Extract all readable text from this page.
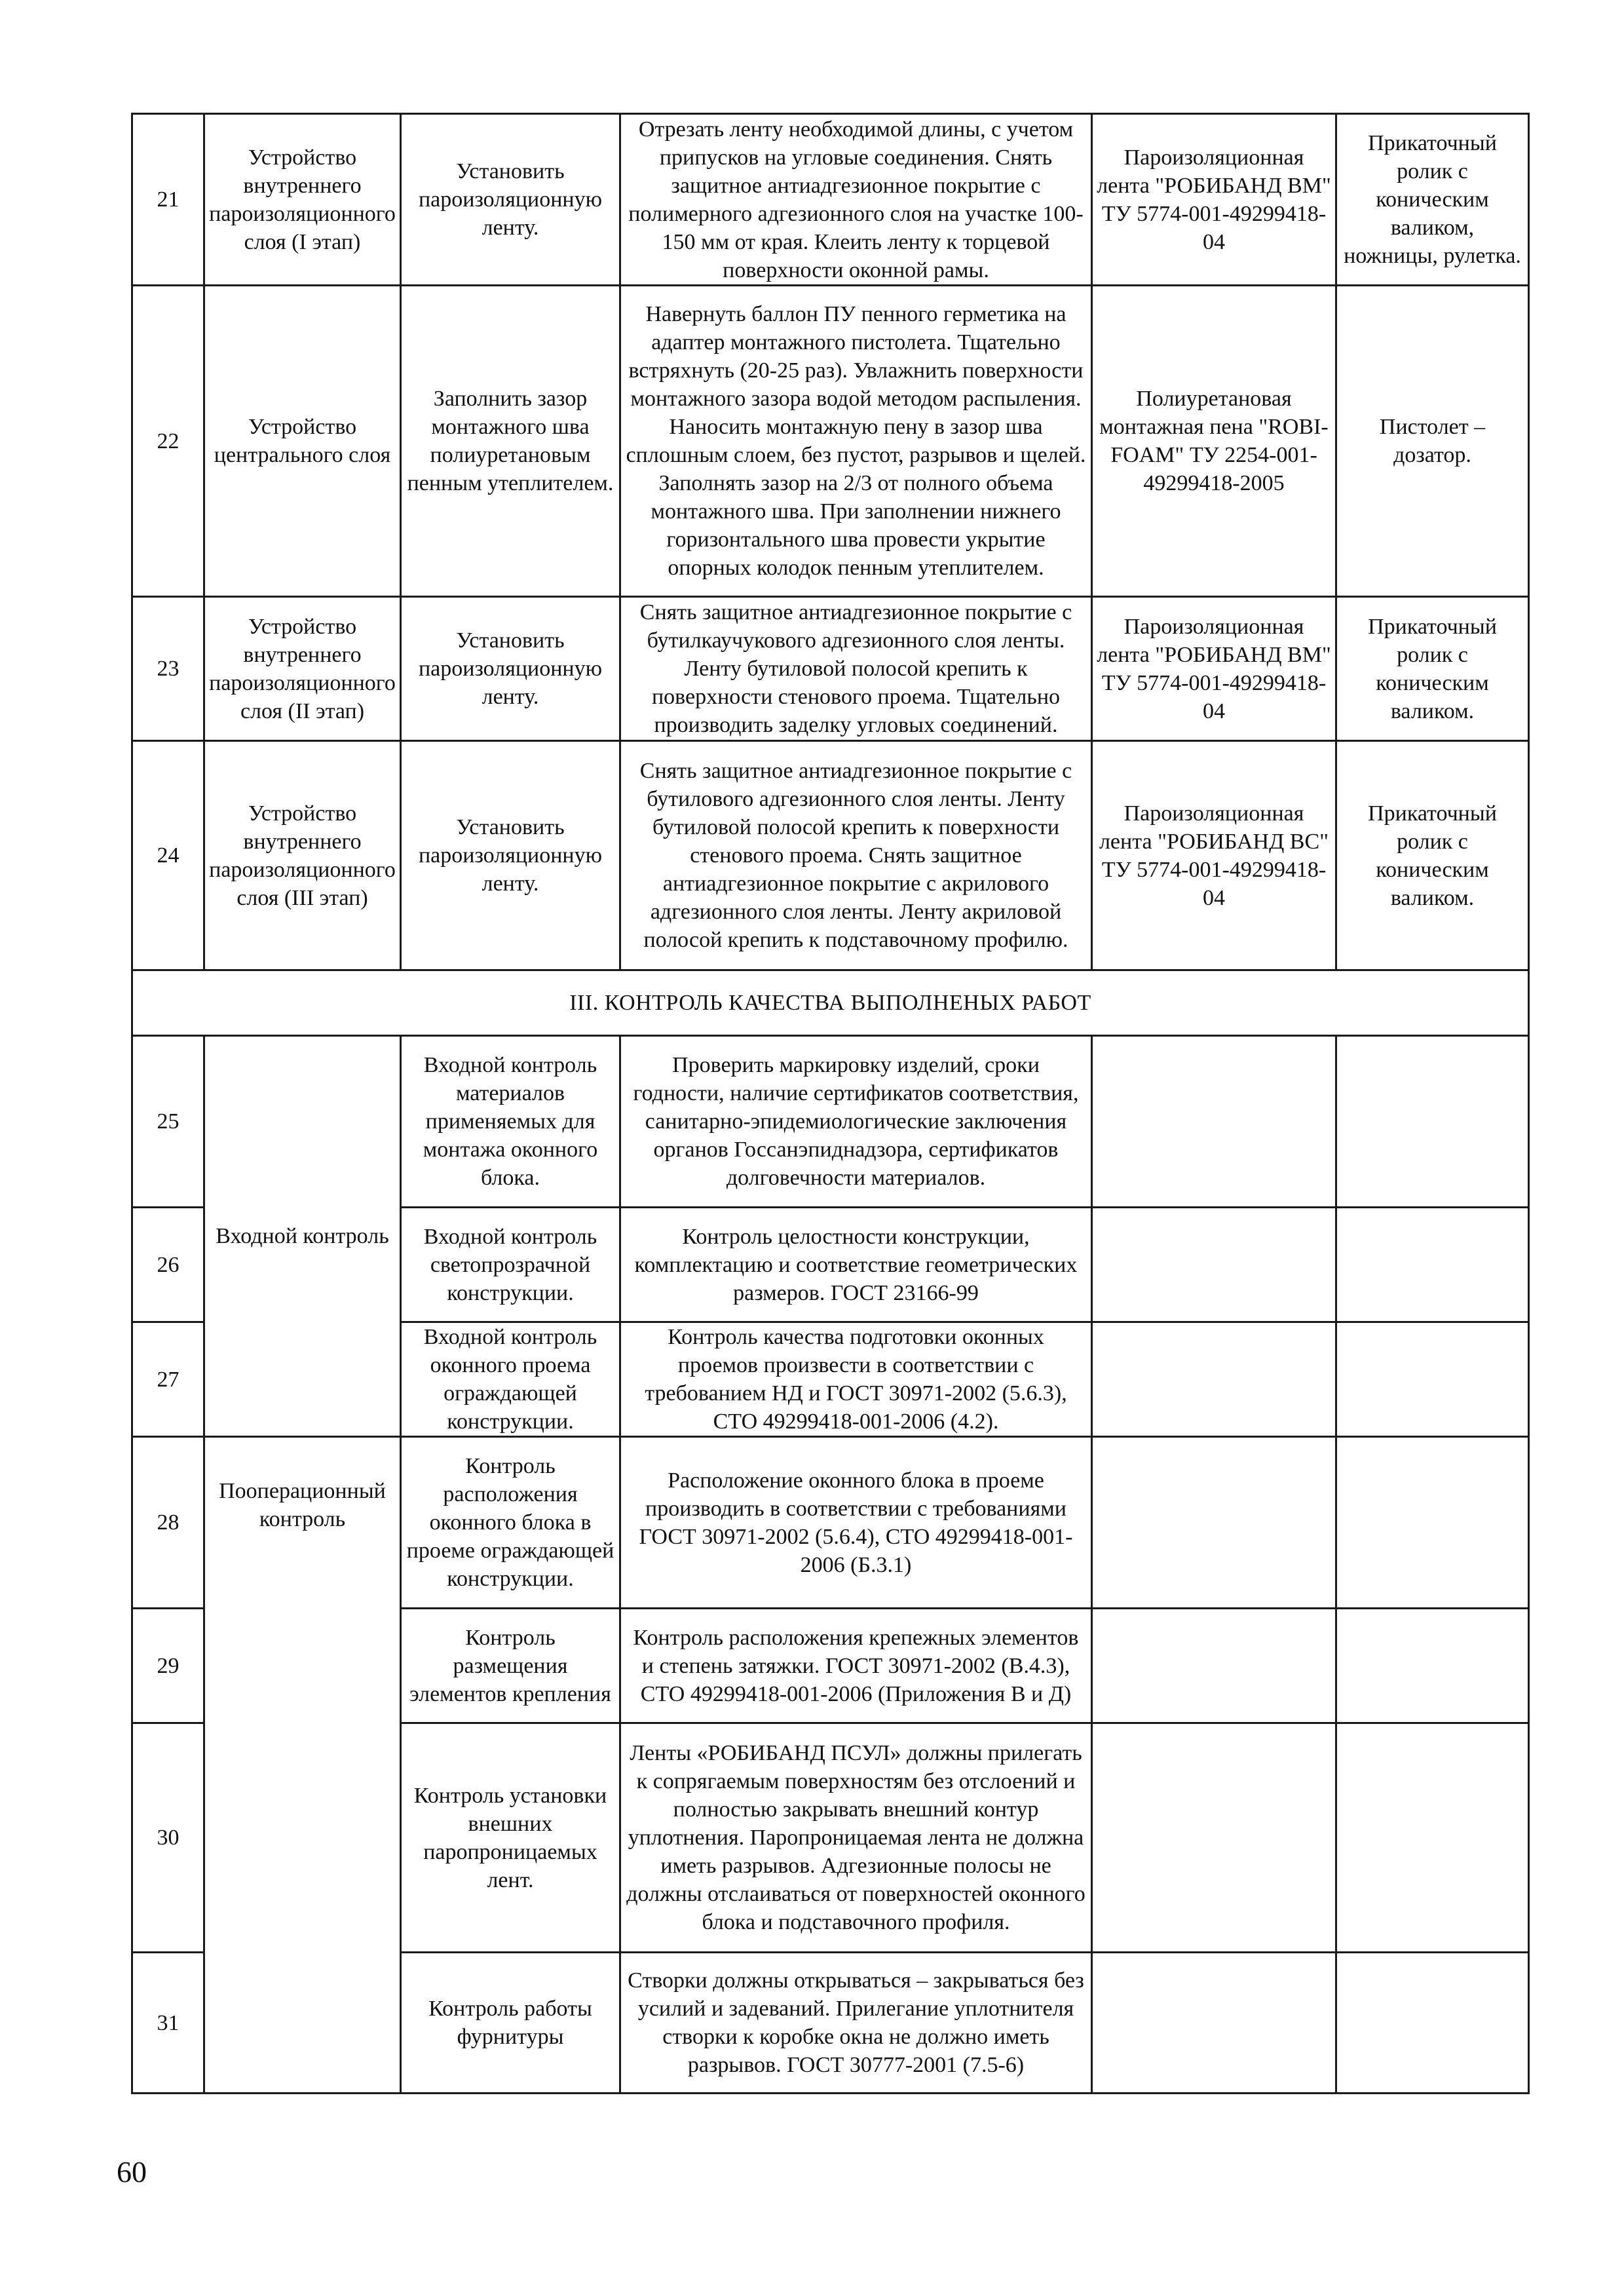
21	Устройство внутреннего пароизоляционного слоя (I этап)	Установить пароизоляционную ленту.	Отрезать ленту необходимой длины, с учетом припусков на угловые соединения. Снять защитное антиадгезионное покрытие с полимерного адгезионного слоя на участке 100-150 мм от края. Клеить ленту к торцевой поверхности оконной рамы.	Пароизоляционная лента "РОБИБАНД ВМ" ТУ 5774-001-49299418-04	Прикаточный ролик с коническим валиком, ножницы, рулетка.
22	Устройство центрального слоя	Заполнить зазор монтажного шва полиуретановым пенным утеплителем.	Навернуть баллон ПУ пенного герметика на адаптер монтажного пистолета. Тщательно встряхнуть (20-25 раз). Увлажнить поверхности монтажного зазора водой методом распыления. Наносить монтажную пену в зазор шва сплошным слоем, без пустот, разрывов и щелей. Заполнять зазор на 2/3 от полного объема монтажного шва. При заполнении нижнего горизонтального шва провести укрытие опорных колодок пенным утеплителем.	Полиуретановая монтажная пена "ROBI-FOAM" ТУ 2254-001-49299418-2005	Пистолет – дозатор.
23	Устройство внутреннего пароизоляционного слоя (II этап)	Установить пароизоляционную ленту.	Снять защитное антиадгезионное покрытие с бутилкаучукового адгезионного слоя ленты. Ленту бутиловой полосой крепить к поверхности стенового проема. Тщательно производить заделку угловых соединений.	Пароизоляционная лента "РОБИБАНД ВМ" ТУ 5774-001-49299418-04	Прикаточный ролик с коническим валиком.
24	Устройство внутреннего пароизоляционного слоя (III этап)	Установить пароизоляционную ленту.	Снять защитное антиадгезионное покрытие с бутилового адгезионного слоя ленты. Ленту бутиловой полосой крепить к поверхности стенового проема. Снять защитное антиадгезионное покрытие с акрилового адгезионного слоя ленты. Ленту акриловой полосой крепить к подставочному профилю.	Пароизоляционная лента "РОБИБАНД ВС" ТУ 5774-001-49299418-04	Прикаточный ролик с коническим валиком.
III. КОНТРОЛЬ КАЧЕСТВА ВЫПОЛНЕНЫХ РАБОТ					
25	Входной контроль	Входной контроль материалов применяемых для монтажа оконного блока.	Проверить маркировку изделий, сроки годности, наличие сертификатов соответствия, санитарно-эпидемиологические заключения органов Госсанэпиднадзора, сертификатов долговечности материалов.		
26		Входной контроль светопрозрачной конструкции.	Контроль целостности конструкции, комплектацию и соответствие геометрических размеров. ГОСТ 23166-99		
27		Входной контроль оконного проема ограждающей конструкции.	Контроль качества подготовки оконных проемов произвести в соответствии с требованием НД и ГОСТ 30971-2002 (5.6.3), СТО 49299418-001-2006 (4.2).		
28	Пооперационный контроль	Контроль расположения оконного блока в проеме ограждающей конструкции.	Расположение оконного блока в проеме производить в соответствии с требованиями ГОСТ 30971-2002 (5.6.4), СТО 49299418-001-2006 (Б.3.1)		
29		Контроль размещения элементов крепления	Контроль расположения крепежных элементов и степень затяжки. ГОСТ 30971-2002 (В.4.3), СТО 49299418-001-2006 (Приложения В и Д)		
30		Контроль установки внешних паропроницаемых лент.	Ленты «РОБИБАНД ПСУЛ» должны прилегать к сопрягаемым поверхностям без отслоений и полностью закрывать внешний контур уплотнения. Паропроницаемая лента не должна иметь разрывов. Адгезионные полосы не должны отслаиваться от поверхностей оконного блока и подставочного профиля.		
31		Контроль работы фурнитуры	Створки должны открываться – закрываться без усилий и задеваний. Прилегание уплотнителя створки к коробке окна не должно иметь разрывов. ГОСТ 30777-2001 (7.5-6)		
60
